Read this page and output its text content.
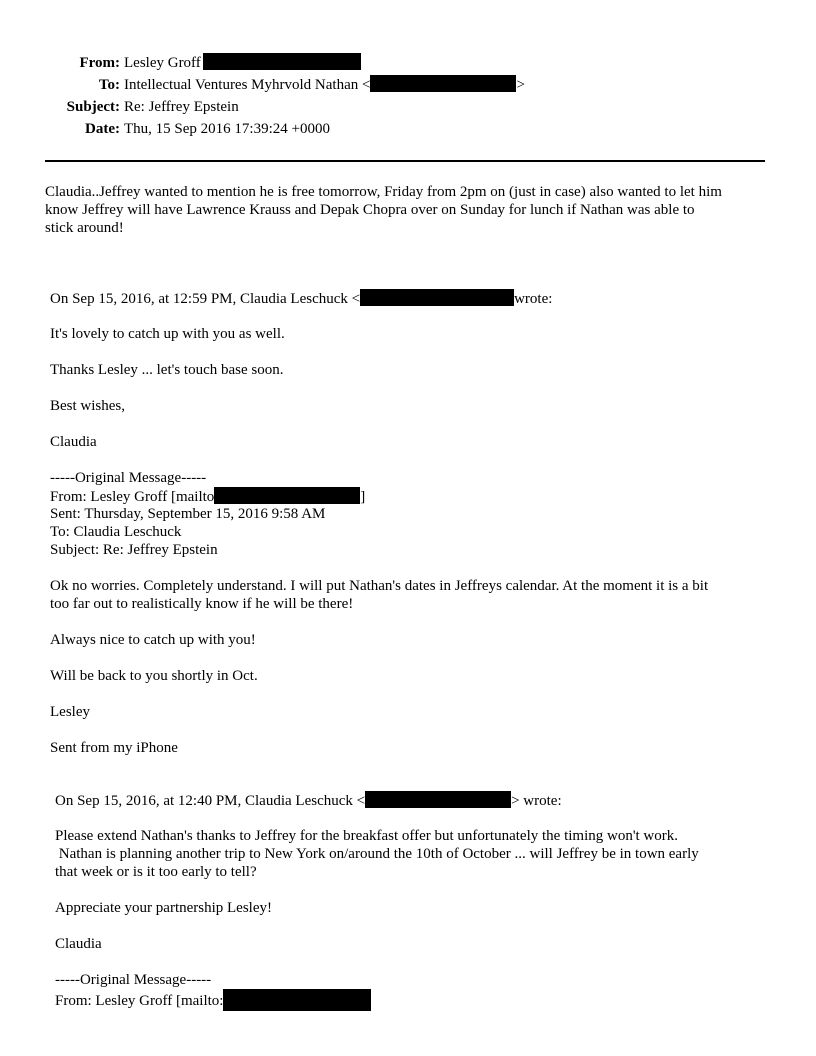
From: Lesley Groff
To: Intellectual Ventures Myhrvold Nathan <	>
Subject: Re: Jeffrey Epstein
Date: Thu, 15 Sep 2016 17:39:24 +0000
Claudia..Jeffrey wanted to mention he is free tomorrow, Friday from 2pm on (just in case) also wanted to let him
know Jeffrey will have Lawrence Krauss and Depak Chopra over on Sunday for lunch if Nathan was able to
stick around!
On Sep 15, 2016, at 12:59 PM, Claudia Leschuck <	wrote:
It's lovely to catch up with you as well.
Thanks Lesley ... let's touch base soon.
Best wishes,
Claudia
-----Original Message-----
From: Lesley Groff [mailto	]
Sent: Thursday, September 15, 2016 9:58 AM
To: Claudia Leschuck
Subject: Re: Jeffrey Epstein
Ok no worries. Completely understand. I will put Nathan's dates in Jeffreys calendar. At the moment it is a bit
too far out to realistically know if he will be there!
Always nice to catch up with you!
Will be back to you shortly in Oct.
Lesley
Sent from my iPhone
On Sep 15, 2016, at 12:40 PM, Claudia Leschuck <	> wrote:
Please extend Nathan's thanks to Jeffrey for the breakfast offer but unfortunately the timing won't work.
Nathan is planning another trip to New York on/around the 10th of October ... will Jeffrey be in town early
that week or is it too early to tell?
Appreciate your partnership Lesley!
Claudia
-----Original Message-----
From: Lesley Groff [mailto:
